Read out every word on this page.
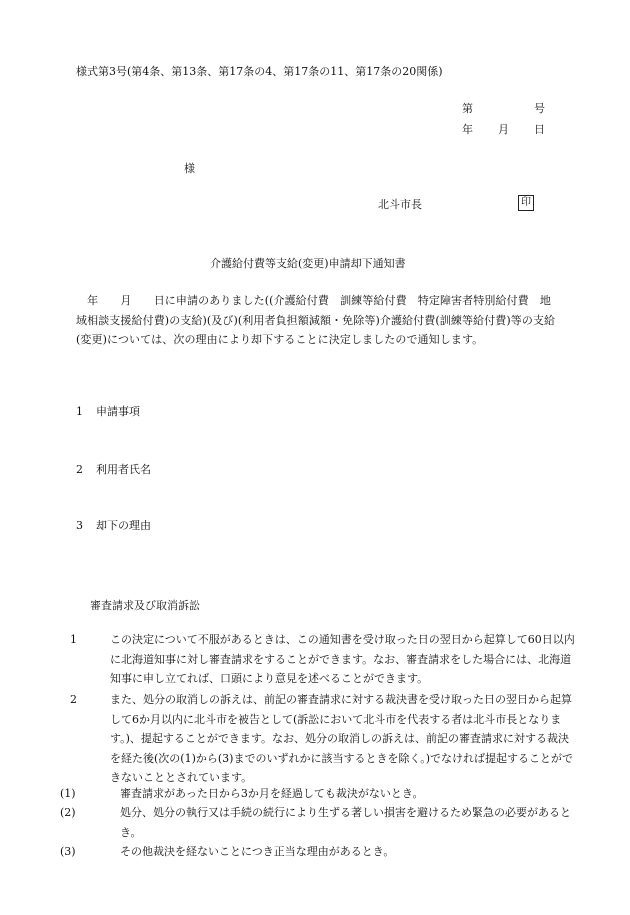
様式第3号(第4条、第13条、第17条の4、第17条の11、第17条の20関係)
第	号
年 月 日
様
北斗市長	印
介護給付費等支給(変更)申請却下通知書
　年　　月　　日に申請のありました((介護給付費　訓練等給付費　特定障害者特別給付費　地域相談支援給付費)の支給)(及び)(利用者負担額減額・免除等)介護給付費(訓練等給付費)等の支給(変更)については、次の理由により却下することに決定しましたので通知します。
1 申請事項
2 利用者氏名
3 却下の理由
審査請求及び取消訴訟
1	この決定について不服があるときは、この通知書を受け取った日の翌日から起算して60日以内に北海道知事に対し審査請求をすることができます。なお、審査請求をした場合には、北海道知事に申し立てれば、口頭により意見を述べることができます。
2	また、処分の取消しの訴えは、前記の審査請求に対する裁決書を受け取った日の翌日から起算して6か月以内に北斗市を被告として(訴訟において北斗市を代表する者は北斗市長となります。)、提起することができます。なお、処分の取消しの訴えは、前記の審査請求に対する裁決を経た後(次の(1)から(3)までのいずれかに該当するときを除く。)でなければ提起することができないこととされています。
(1)	審査請求があった日から3か月を経過しても裁決がないとき。
(2)	処分、処分の執行又は手続の続行により生ずる著しい損害を避けるため緊急の必要があるとき。
(3)	その他裁決を経ないことにつき正当な理由があるとき。
